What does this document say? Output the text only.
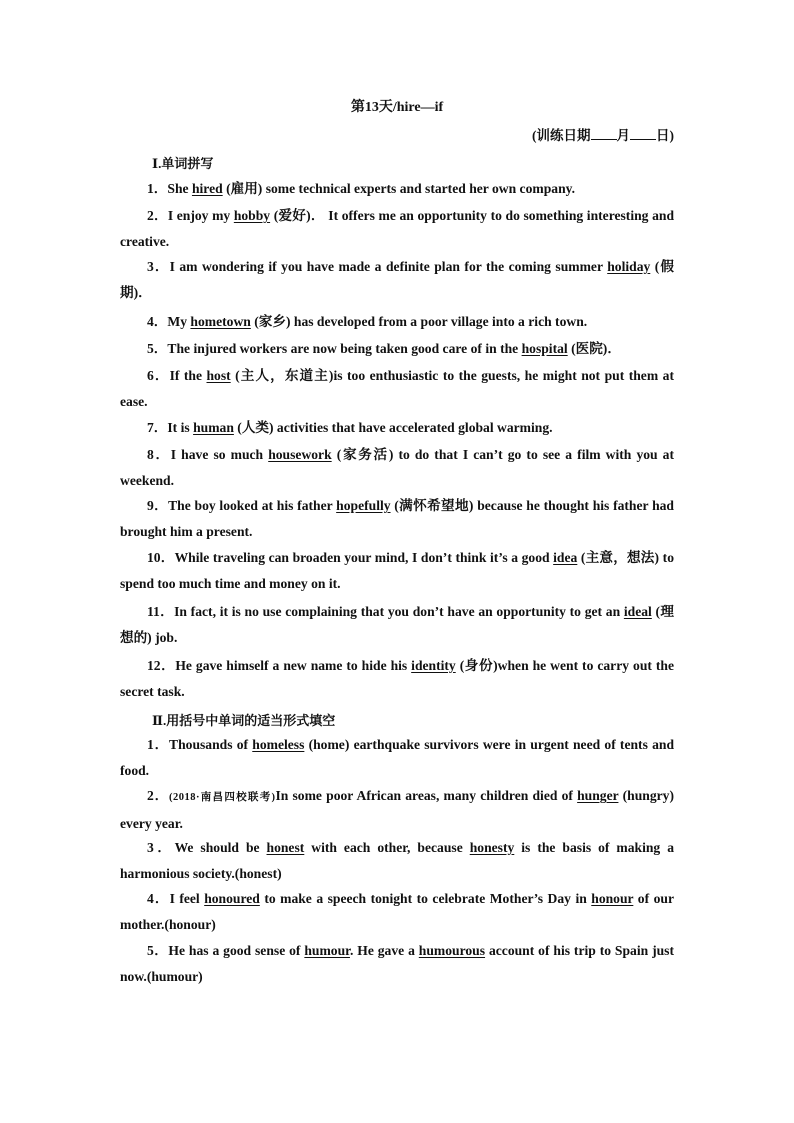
第13天/hire—if
(训练日期 月 日)
Ⅰ.单词拼写
1．She hired (雇用) some technical experts and started her own company.
2．I enjoy my hobby (爱好)． It offers me an opportunity to do something interesting and creative.
3．I am wondering if you have made a definite plan for the coming summer holiday (假期)．
4．My hometown (家乡) has developed from a poor village into a rich town.
5．The injured workers are now being taken good care of in the hospital (医院)．
6．If the host (主人，东道主)is too enthusiastic to the guests, he might not put them at ease.
7．It is human (人类) activities that have accelerated global warming.
8．I have so much housework (家务活) to do that I can’t go to see a film with you at weekend.
9．The boy looked at his father hopefully (满怀希望地) because he thought his father had brought him a present.
10．While traveling can broaden your mind, I don’t think it’s a good idea (主意，想法) to spend too much time and money on it.
11．In fact, it is no use complaining that you don’t have an opportunity to get an ideal (理想的) job.
12．He gave himself a new name to hide his identity (身份)when he went to carry out the secret task.
Ⅱ.用括号中单词的适当形式填空
1．Thousands of homeless (home) earthquake survivors were in urgent need of tents and food.
2．(2018·南昌四校联考)In some poor African areas, many children died of hunger (hungry) every year.
3．We should be honest with each other, because honesty is the basis of making a harmonious society.(honest)
4．I feel honoured to make a speech tonight to celebrate Mother’s Day in honour of our mother.(honour)
5．He has a good sense of humour. He gave a humourous account of his trip to Spain just now.(humour)
